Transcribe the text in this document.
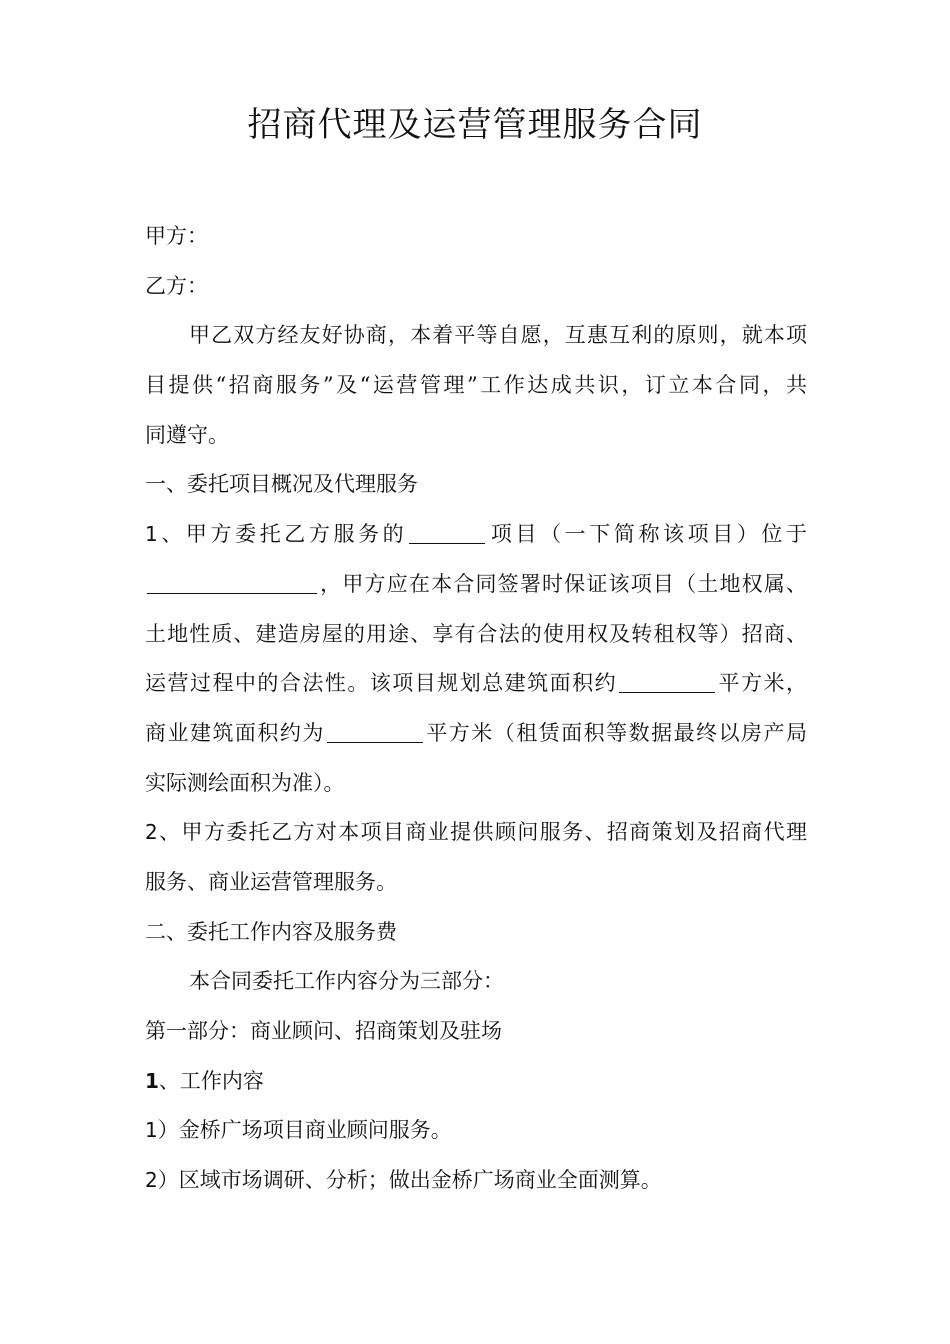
招商代理及运营管理服务合同
甲方：
乙方：
甲乙双方经友好协商，本着平等自愿，互惠互利的原则，就本项
目提供“招商服务”及“运营管理”工作达成共识，订立本合同，共
同遵守。
一、委托项目概况及代理服务
1、甲方委托乙方服务的	项目（一下简称该项目）位于
，甲方应在本合同签署时保证该项目（土地权属、
土地性质、建造房屋的用途、享有合法的使用权及转租权等）招商、
运营过程中的合法性。该项目规划总建筑面积约	平方米，
商业建筑面积约为	平方米（租赁面积等数据最终以房产局
实际测绘面积为准）。
2、甲方委托乙方对本项目商业提供顾问服务、招商策划及招商代理
服务、商业运营管理服务。
二、委托工作内容及服务费
本合同委托工作内容分为三部分：
第一部分：商业顾问、招商策划及驻场
1、工作内容
1）金桥广场项目商业顾问服务。
2）区域市场调研、分析；做出金桥广场商业全面测算。
